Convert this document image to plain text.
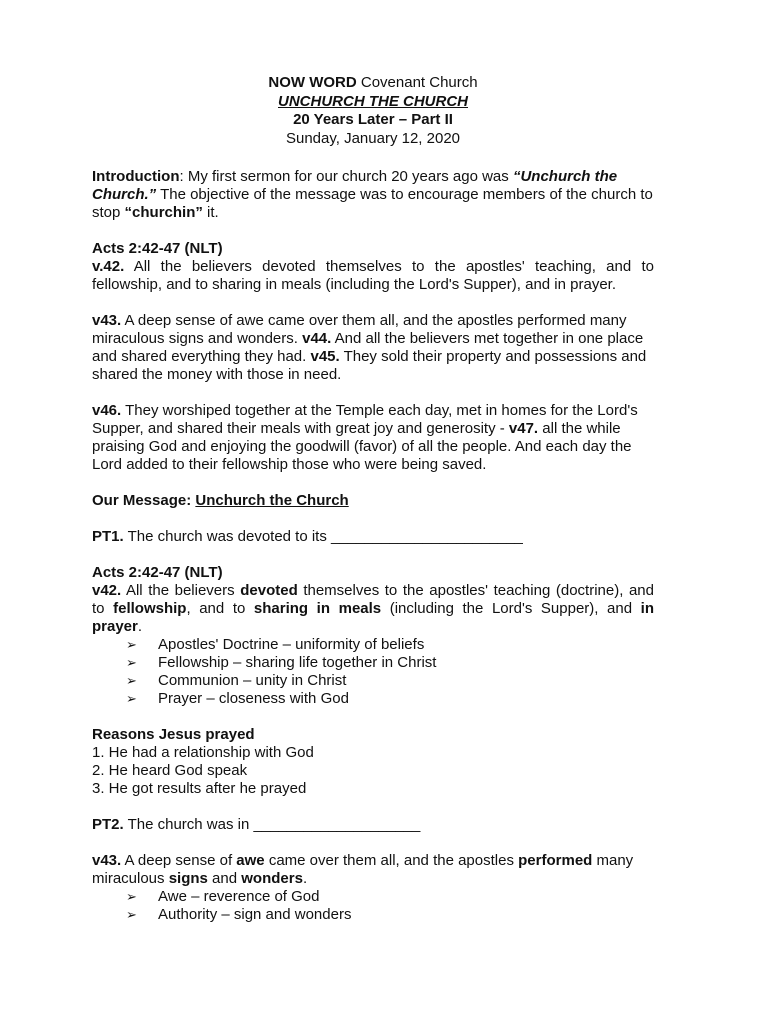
NOW WORD Covenant Church
UNCHURCH THE CHURCH
20 Years Later – Part II
Sunday, January 12, 2020

Introduction: My first sermon for our church 20 years ago was “Unchurch the Church.” The objective of the message was to encourage members of the church to stop “churchin” it.

Acts 2:42-47 (NLT)

v.42. All the believers devoted themselves to the apostles' teaching, and to fellowship, and to sharing in meals (including the Lord's Supper), and in prayer.

v43. A deep sense of awe came over them all, and the apostles performed many miraculous signs and wonders. v44. And all the believers met together in one place and shared everything they had. v45. They sold their property and possessions and shared the money with those in need.

v46. They worshiped together at the Temple each day, met in homes for the Lord's Supper, and shared their meals with great joy and generosity - v47. all the while praising God and enjoying the goodwill (favor) of all the people. And each day the Lord added to their fellowship those who were being saved.

Our Message: Unchurch the Church

PT1. The church was devoted to its _______________________

Acts 2:42-47 (NLT)

v42. All the believers devoted themselves to the apostles' teaching (doctrine), and to fellowship, and to sharing in meals (including the Lord's Supper), and in prayer.

➢ Apostles' Doctrine – uniformity of beliefs
➢ Fellowship – sharing life together in Christ
➢ Communion – unity in Christ
➢ Prayer – closeness with God

Reasons Jesus prayed

1. He had a relationship with God

2. He heard God speak

3. He got results after he prayed

PT2. The church was in ____________________

v43. A deep sense of awe came over them all, and the apostles performed many miraculous signs and wonders.

➢ Awe – reverence of God
➢ Authority – sign and wonders
